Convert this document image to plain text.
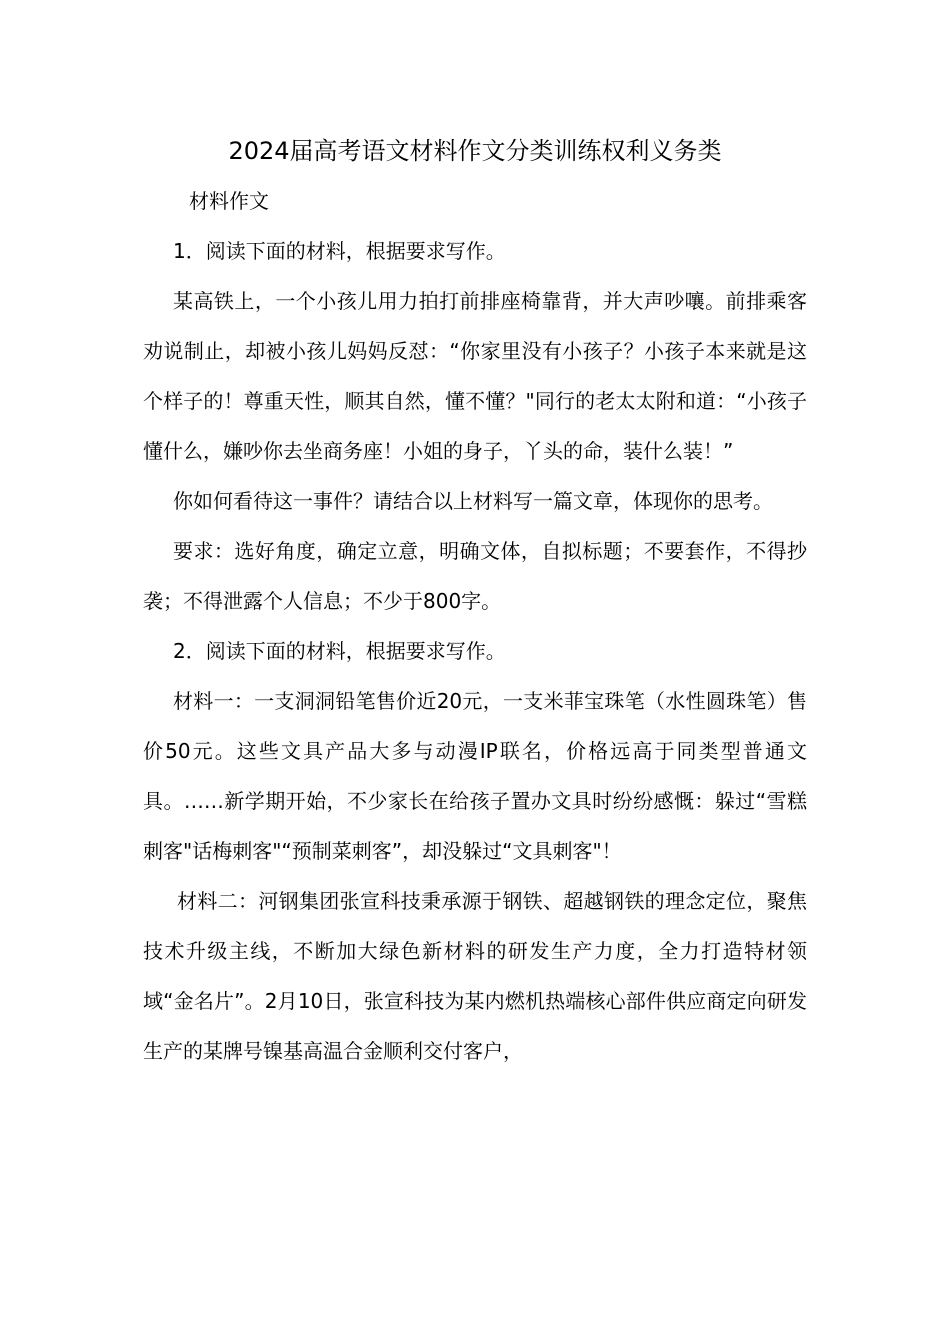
2024届高考语文材料作文分类训练权利义务类

材料作文

1．阅读下面的材料，根据要求写作。

某高铁上，一个小孩儿用力拍打前排座椅靠背，并大声吵嚷。前排乘客劝说制止，却被小孩儿妈妈反怼：“你家里没有小孩子？小孩子本来就是这个样子的！尊重天性，顺其自然，懂不懂？"同行的老太太附和道：“小孩子懂什么，嫌吵你去坐商务座！小姐的身子，丫头的命，装什么装！”

你如何看待这一事件？请结合以上材料写一篇文章，体现你的思考。

要求：选好角度，确定立意，明确文体，自拟标题；不要套作，不得抄袭；不得泄露个人信息；不少于800字。

2．阅读下面的材料，根据要求写作。

材料一：一支洞洞铅笔售价近20元，一支米菲宝珠笔（水性圆珠笔）售价50元。这些文具产品大多与动漫IP联名，价格远高于同类型普通文具。……新学期开始，不少家长在给孩子置办文具时纷纷感慨：躲过“雪糕刺客"话梅刺客"“预制菜刺客”，却没躲过“文具刺客"！

材料二：河钢集团张宣科技秉承源于钢铁、超越钢铁的理念定位，聚焦技术升级主线，不断加大绿色新材料的研发生产力度，全力打造特材领域“金名片”。2月10日，张宣科技为某内燃机热端核心部件供应商定向研发生产的某牌号镍基高温合金顺利交付客户，
